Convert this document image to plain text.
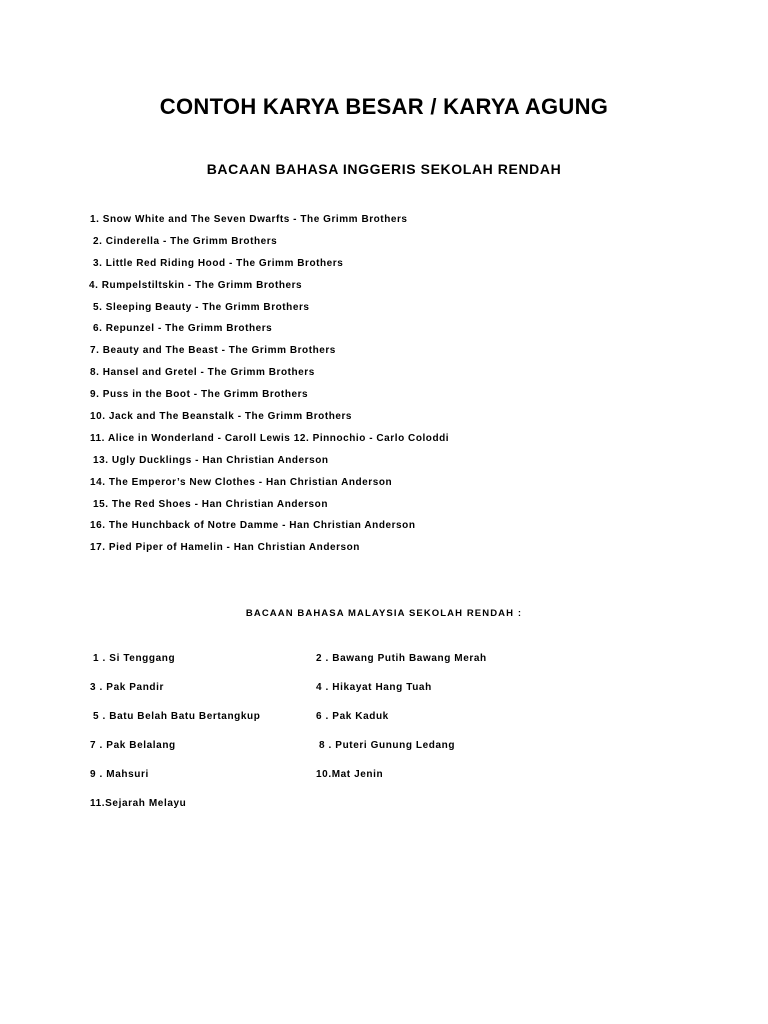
CONTOH KARYA BESAR / KARYA AGUNG
BACAAN BAHASA INGGERIS SEKOLAH RENDAH
1. Snow White and The Seven Dwarfts - The Grimm Brothers
2. Cinderella - The Grimm Brothers
3. Little Red Riding Hood - The Grimm Brothers
4. Rumpelstiltskin - The Grimm Brothers
5. Sleeping Beauty - The Grimm Brothers
6. Repunzel - The Grimm Brothers
7. Beauty and The Beast - The Grimm Brothers
8. Hansel and Gretel - The Grimm Brothers
9. Puss in the Boot - The Grimm Brothers
10. Jack and The Beanstalk - The Grimm Brothers
11. Alice in Wonderland - Caroll Lewis 12. Pinnochio - Carlo Coloddi
13. Ugly Ducklings - Han Christian Anderson
14. The Emperor’s New Clothes - Han Christian Anderson
15. The Red Shoes - Han Christian Anderson
16. The Hunchback of Notre Damme - Han Christian Anderson
17. Pied Piper of Hamelin - Han Christian Anderson
BACAAN BAHASA MALAYSIA SEKOLAH RENDAH :
1 . Si Tenggang	2 . Bawang Putih Bawang Merah
3 . Pak Pandir	4 . Hikayat Hang Tuah
5 . Batu Belah Batu Bertangkup	6 . Pak Kaduk
7 . Pak Belalang	8 . Puteri Gunung Ledang
9 . Mahsuri	10.Mat Jenin
11.Sejarah Melayu
